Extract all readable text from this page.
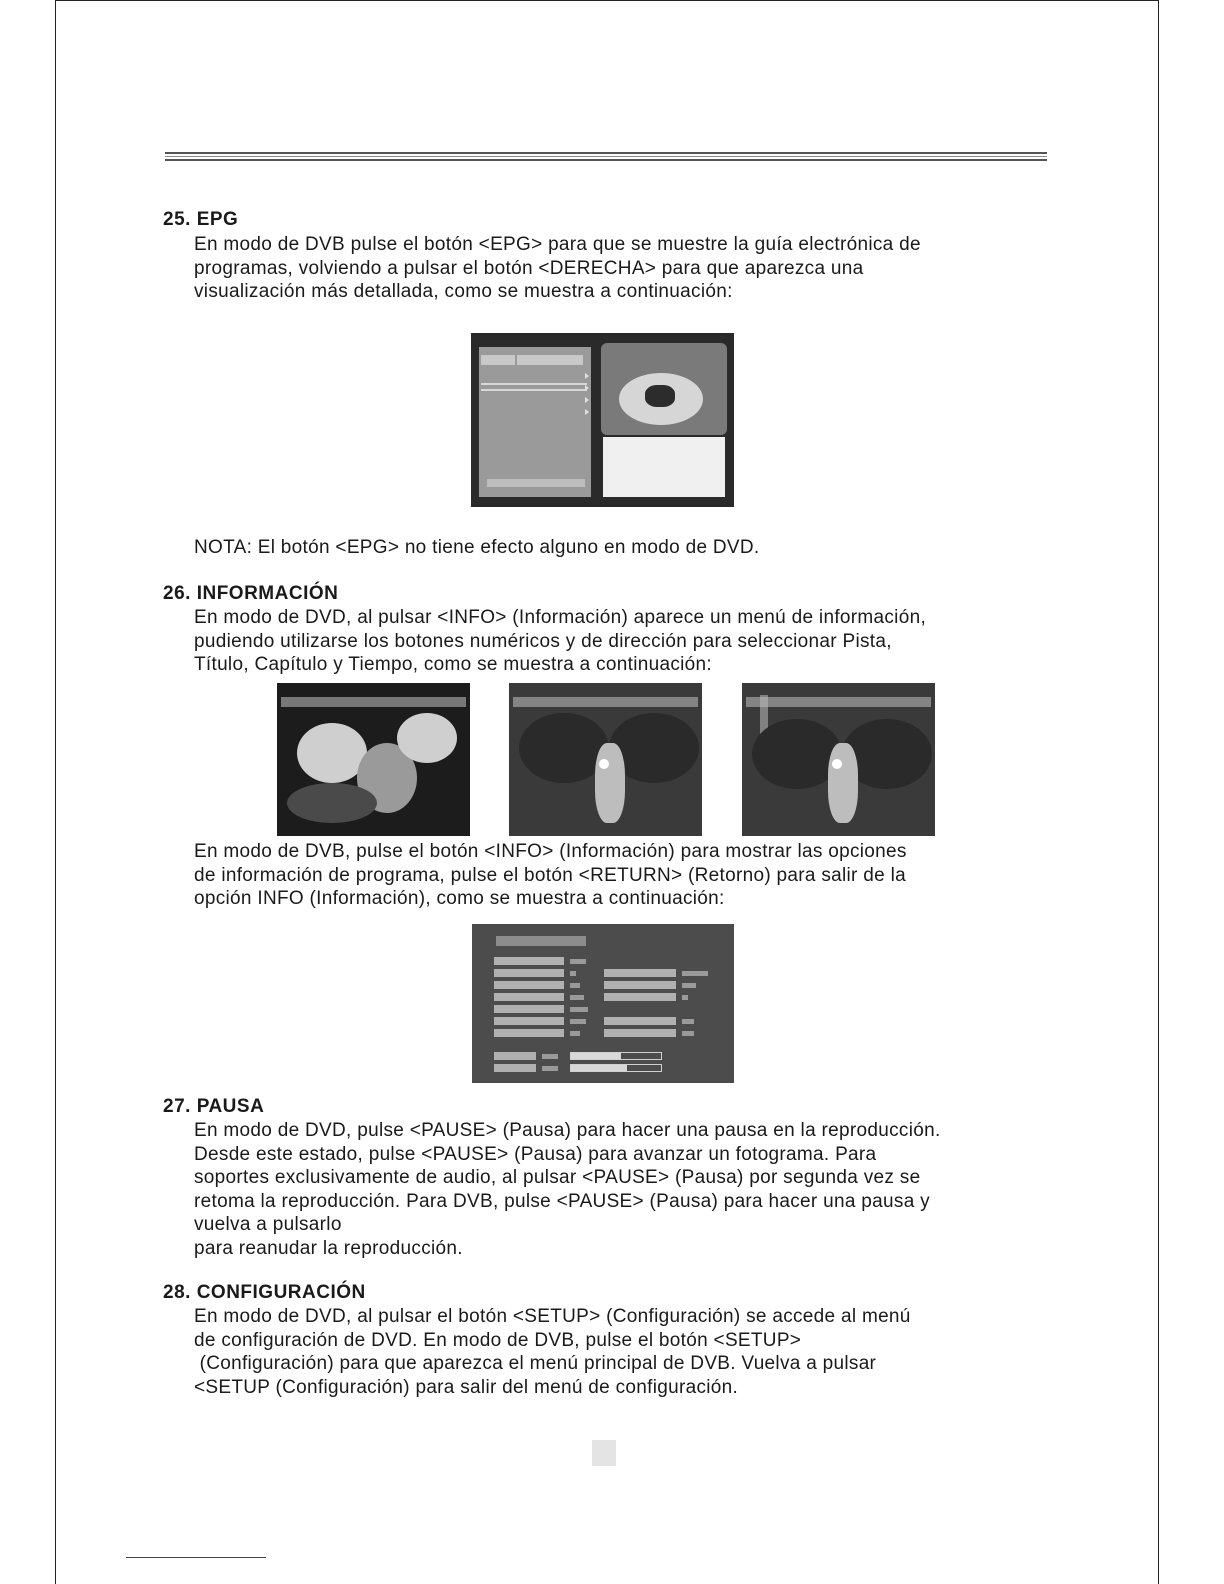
25. EPG
En modo de DVB pulse el botón <EPG> para que se muestre la guía electrónica de
programas, volviendo a pulsar el botón <DERECHA> para que aparezca una
visualización más detallada, como se muestra a continuación:
NOTA: El botón <EPG> no tiene efecto alguno en modo de DVD.
26. INFORMACIÓN
En modo de DVD, al pulsar <INFO> (Información) aparece un menú de información,
pudiendo utilizarse los botones numéricos y de dirección para seleccionar Pista,
Título, Capítulo y Tiempo, como se muestra a continuación:
En modo de DVB, pulse el botón <INFO> (Información) para mostrar las opciones
de información de programa, pulse el botón <RETURN> (Retorno) para salir de la
opción INFO (Información), como se muestra a continuación:
27. PAUSA
En modo de DVD, pulse <PAUSE> (Pausa) para hacer una pausa en la reproducción.
Desde este estado, pulse <PAUSE> (Pausa) para avanzar un fotograma. Para
soportes exclusivamente de audio, al pulsar <PAUSE> (Pausa) por segunda vez se
retoma la reproducción. Para DVB, pulse <PAUSE> (Pausa) para hacer una pausa y
vuelva a pulsarlo
para reanudar la reproducción.
28. CONFIGURACIÓN
En modo de DVD, al pulsar el botón <SETUP> (Configuración) se accede al menú
de configuración de DVD. En modo de DVB, pulse el botón <SETUP>
(Configuración) para que aparezca el menú principal de DVB. Vuelva a pulsar
<SETUP (Configuración) para salir del menú de configuración.
